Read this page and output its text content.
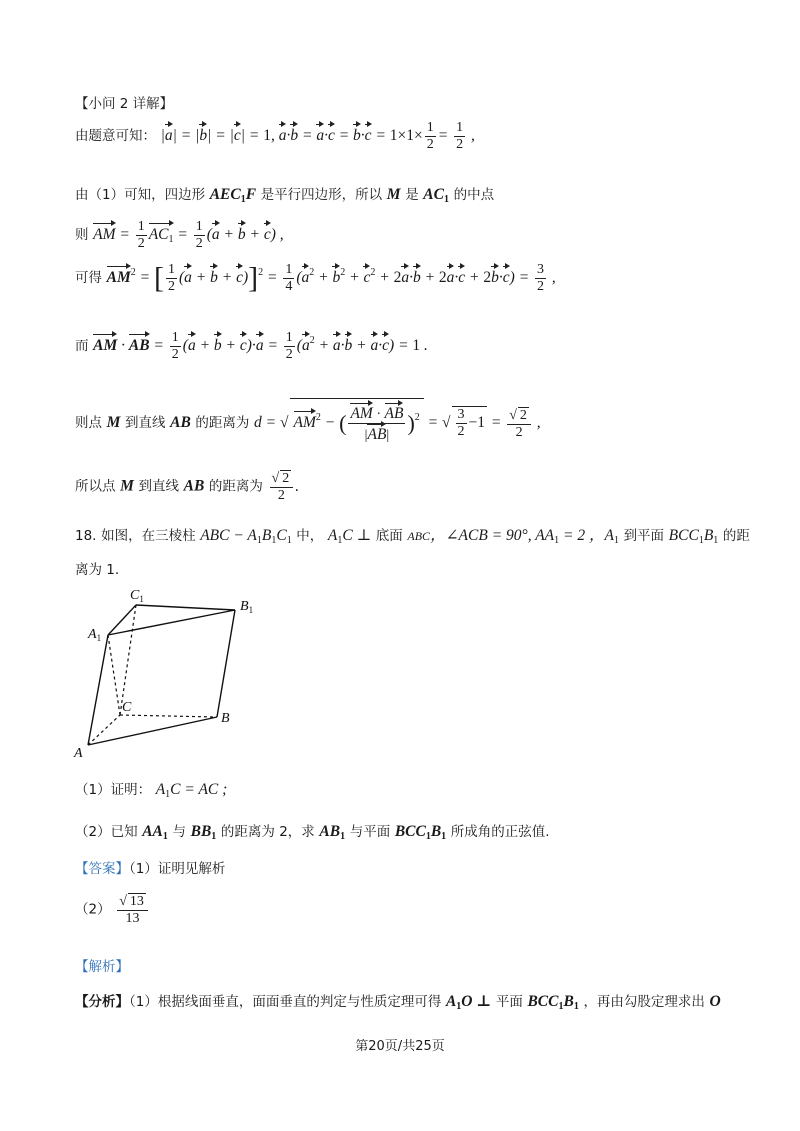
【小问 2 详解】
由题意可知： |a| = |b| = |c| = 1, $a\cdot b = a\cdot c = b\cdot c = 1\times 1\times \frac{1}{2} = \frac{1}{2}$ ,
由（1）可知，四边形 $AEC_1F$ 是平行四边形，所以 M 是 $AC_1$ 的中点
则 AM = $\frac{1}{2} AC_1 = \frac{1}{2} (a + b + c)$ ,
可得 $AM^2$ = [ $\frac{1}{2} (a + b + c)]^2 = \frac{1}{4} (a^2 + b^2 + c^2 + 2a\cdot b + 2a\cdot c + 2b\cdot c) = \frac{3}{2}$ ,
而 AM · AB = $\frac{1}{2} (a + b + c)\cdot a = \frac{1}{2} (a^2 + a\cdot b + a\cdot c) = 1$ .
则点 M 到直线 AB 的距离为 d = √ $AM^2$ − ( $\frac{AM \cdot AB}{|AB|} )^2$ = √ $\frac{3}{2} -1 = \frac{√ 2}{2}$ ,
所以点 M 到直线 AB 的距离为 $\frac{√ 2}{2}$ .
18. 如图，在三棱柱 ABC − $A_1B_1C_1$ 中， $A_1C$ ⊥ 底面 ABC，∠ACB = 90°, $AA_1 = 2$ ，$A_1$ 到平面 $BCC_1B_1$ 的距
离为 1.
$C_1$	$B_1$
$A_1$
C
B
A
（1）证明： $A_1C$ = AC ;
（2）已知 $AA_1$ 与 $BB_1$ 的距离为 2，求 $AB_1$ 与平面 $BCC_1B_1$ 所成角的正弦值.
【答案】（1）证明见解析
$(2) \frac{√ 13}{13}$
【解析】
【分析】（1）根据线面垂直，面面垂直的判定与性质定理可得 $A_1O$ ⊥ 平面 $BCC_1B_1$ ，再由勾股定理求出 O
第20页/共25页
